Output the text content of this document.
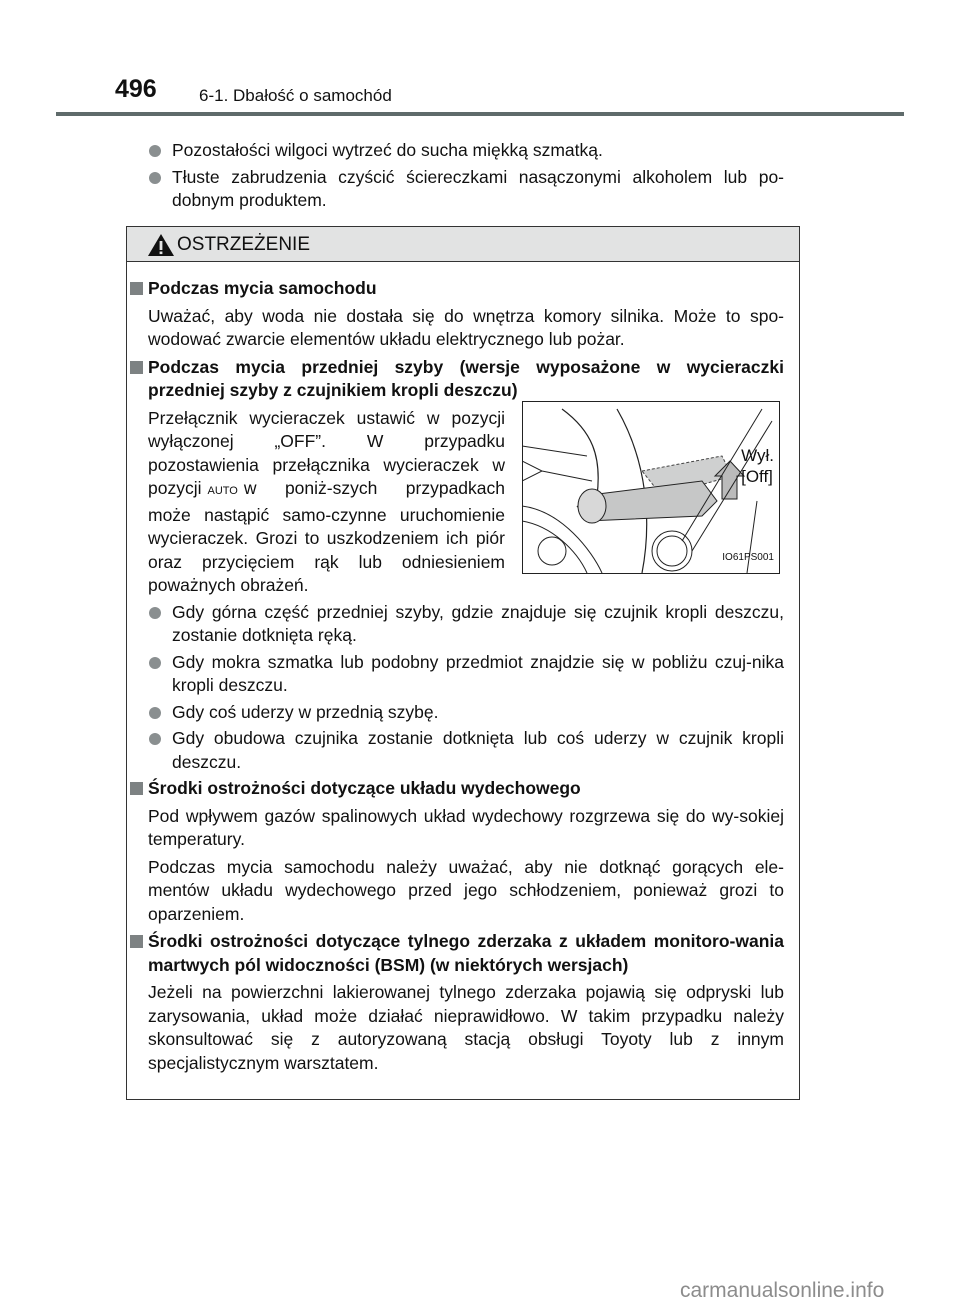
496 6-1. Dbałość o samochód
Pozostałości wilgoci wytrzeć do sucha miękką szmatką.
Tłuste zabrudzenia czyścić ściereczkami nasączonymi alkoholem lub po-dobnym produktem.
OSTRZEŻENIE
Podczas mycia samochodu
Uważać, aby woda nie dostała się do wnętrza komory silnika. Może to spo-wodować zwarcie elementów układu elektrycznego lub pożar.
Podczas mycia przedniej szyby (wersje wyposażone w wycieraczki przedniej szyby z czujnikiem kropli deszczu)
Przełącznik wycieraczek ustawić w pozycji wyłączonej „OFF”. W przypadku pozostawienia przełącznika wycieraczek w pozycji AUTO w poniż-szych przypadkach może nastąpić samo-czynne uruchomienie wycieraczek. Grozi to uszkodzeniem ich piór oraz przycięciem rąk lub odniesieniem poważnych obrażeń.
Wył.
[Off]
IO61PS001
Gdy górna część przedniej szyby, gdzie znajduje się czujnik kropli deszczu, zostanie dotknięta ręką.
Gdy mokra szmatka lub podobny przedmiot znajdzie się w pobliżu czuj-nika kropli deszczu.
Gdy coś uderzy w przednią szybę.
Gdy obudowa czujnika zostanie dotknięta lub coś uderzy w czujnik kropli deszczu.
Środki ostrożności dotyczące układu wydechowego
Pod wpływem gazów spalinowych układ wydechowy rozgrzewa się do wy-sokiej temperatury.
Podczas mycia samochodu należy uważać, aby nie dotknąć gorących ele-mentów układu wydechowego przed jego schłodzeniem, ponieważ grozi to oparzeniem.
Środki ostrożności dotyczące tylnego zderzaka z układem monitoro-wania martwych pól widoczności (BSM) (w niektórych wersjach)
Jeżeli na powierzchni lakierowanej tylnego zderzaka pojawią się odpryski lub zarysowania, układ może działać nieprawidłowo. W takim przypadku należy skonsultować się z autoryzowaną stacją obsługi Toyoty lub z innym specjalistycznym warsztatem.
carmanualsonline.info
